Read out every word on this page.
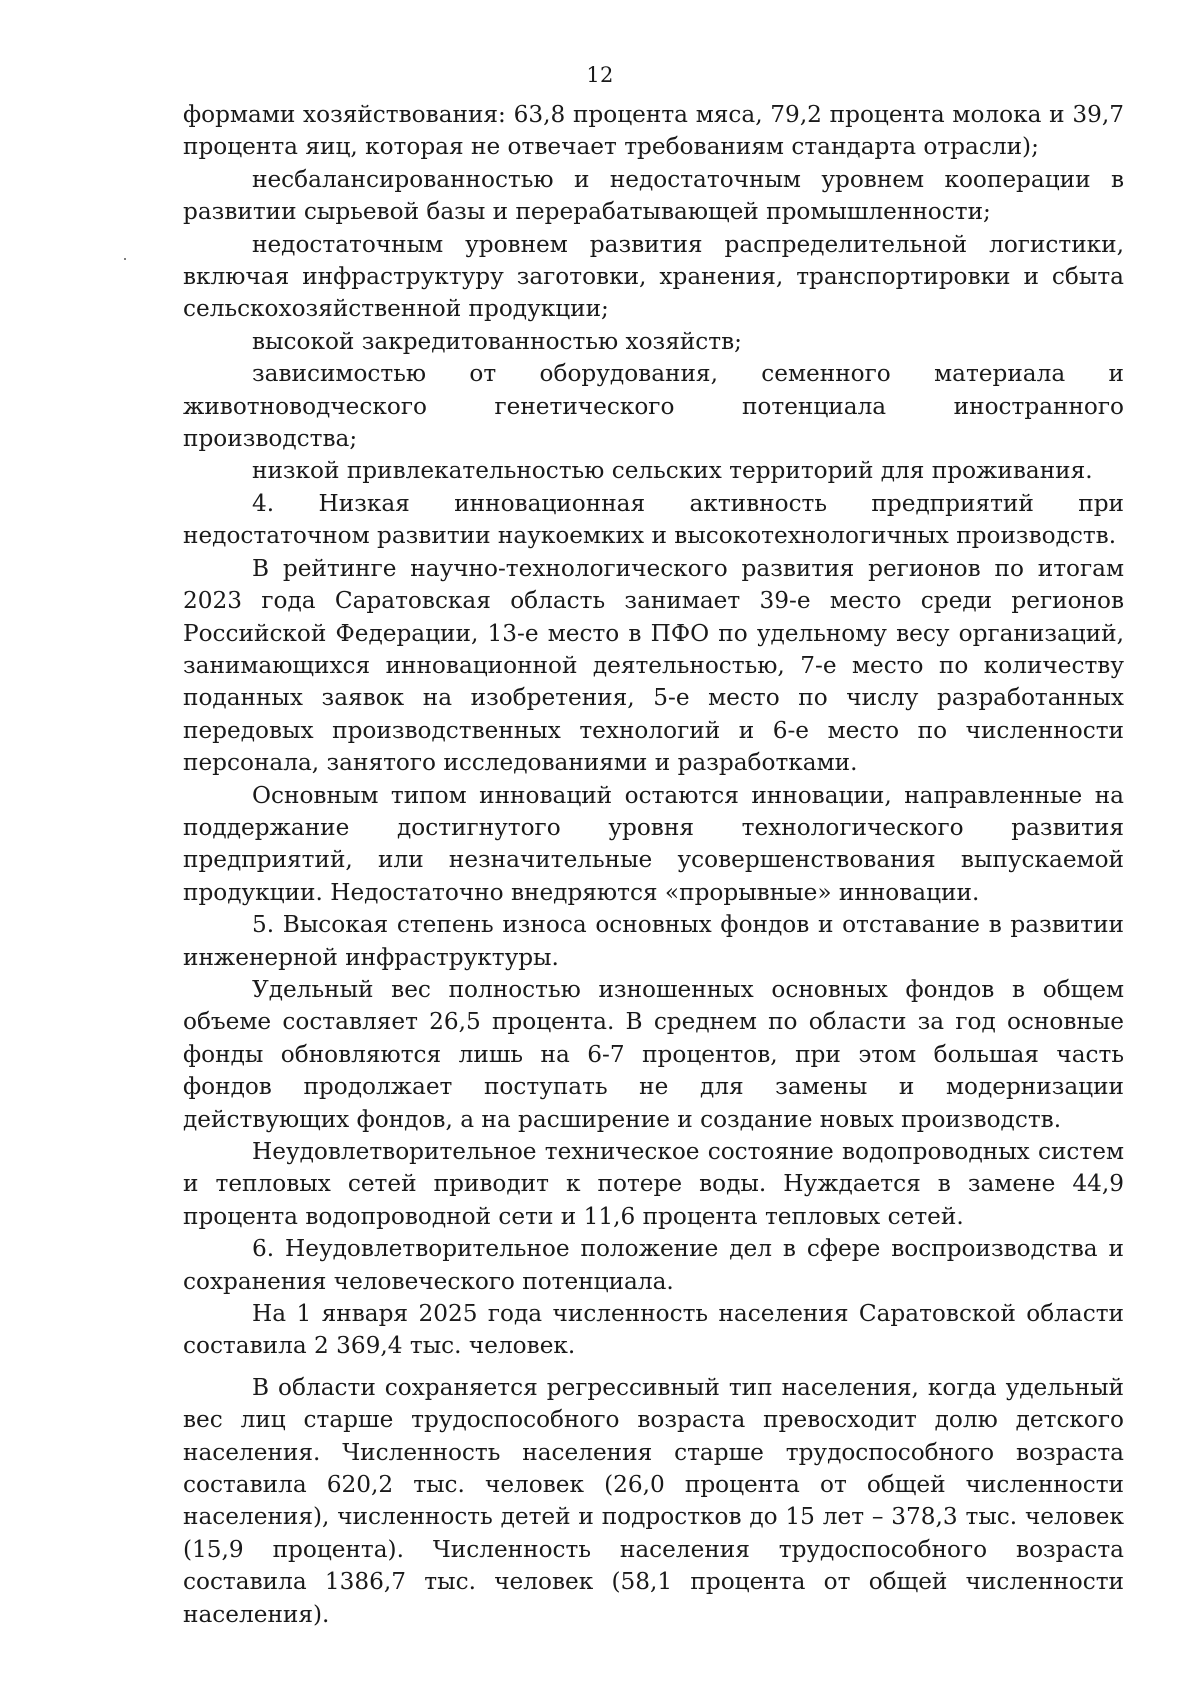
12

формами хозяйствования: 63,8 процента мяса, 79,2 процента молока и 39,7 процента яиц, которая не отвечает требованиям стандарта отрасли);

несбалансированностью и недостаточным уровнем кооперации в развитии сырьевой базы и перерабатывающей промышленности;

недостаточным уровнем развития распределительной логистики, включая инфраструктуру заготовки, хранения, транспортировки и сбыта сельскохозяйственной продукции;

высокой закредитованностью хозяйств;

зависимостью от оборудования, семенного материала и животноводческого генетического потенциала иностранного производства;

низкой привлекательностью сельских территорий для проживания.

4. Низкая инновационная активность предприятий при недостаточном развитии наукоемких и высокотехнологичных производств.

В рейтинге научно-технологического развития регионов по итогам 2023 года Саратовская область занимает 39-е место среди регионов Российской Федерации, 13-е место в ПФО по удельному весу организаций, занимающихся инновационной деятельностью, 7-е место по количеству поданных заявок на изобретения, 5-е место по числу разработанных передовых производственных технологий и 6-е место по численности персонала, занятого исследованиями и разработками.

Основным типом инноваций остаются инновации, направленные на поддержание достигнутого уровня технологического развития предприятий, или незначительные усовершенствования выпускаемой продукции. Недостаточно внедряются «прорывные» инновации.

5. Высокая степень износа основных фондов и отставание в развитии инженерной инфраструктуры.

Удельный вес полностью изношенных основных фондов в общем объеме составляет 26,5 процента. В среднем по области за год основные фонды обновляются лишь на 6-7 процентов, при этом большая часть фондов продолжает поступать не для замены и модернизации действующих фондов, а на расширение и создание новых производств.

Неудовлетворительное техническое состояние водопроводных систем и тепловых сетей приводит к потере воды. Нуждается в замене 44,9 процента водопроводной сети и 11,6 процента тепловых сетей.

6. Неудовлетворительное положение дел в сфере воспроизводства и сохранения человеческого потенциала.

На 1 января 2025 года численность населения Саратовской области составила 2 369,4 тыс. человек.

В области сохраняется регрессивный тип населения, когда удельный вес лиц старше трудоспособного возраста превосходит долю детского населения. Численность населения старше трудоспособного возраста составила 620,2 тыс. человек (26,0 процента от общей численности населения), численность детей и подростков до 15 лет – 378,3 тыс. человек (15,9 процента). Численность населения трудоспособного возраста составила 1386,7 тыс. человек (58,1 процента от общей численности населения).
